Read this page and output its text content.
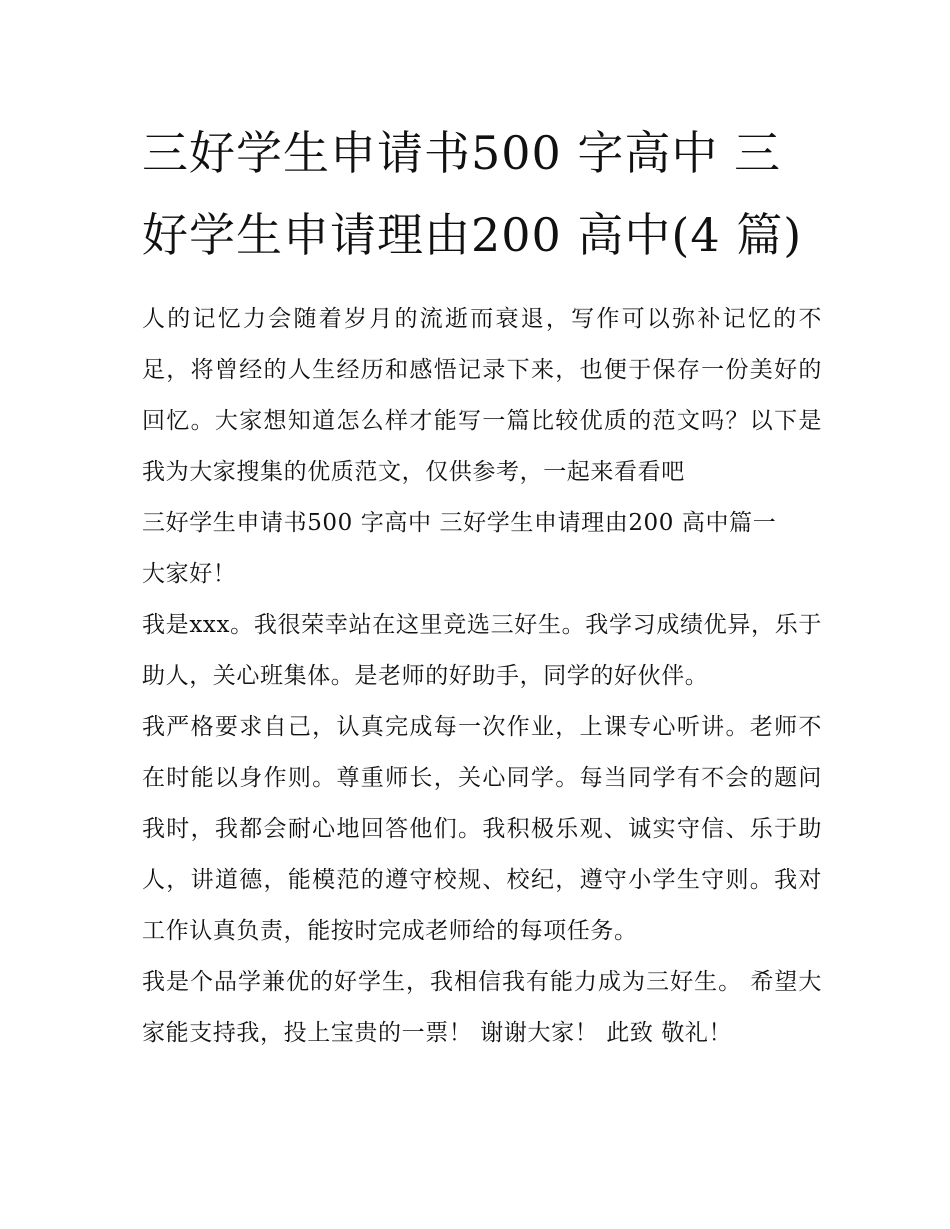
三好学生申请书500 字高中 三好学生申请理由200 高中(4 篇)

人的记忆力会随着岁月的流逝而衰退，写作可以弥补记忆的不足，将曾经的人生经历和感悟记录下来，也便于保存一份美好的回忆。大家想知道怎么样才能写一篇比较优质的范文吗？以下是我为大家搜集的优质范文，仅供参考，一起来看看吧

三好学生申请书500 字高中 三好学生申请理由200 高中篇一

大家好！

我是xxx。我很荣幸站在这里竞选三好生。我学习成绩优异，乐于助人，关心班集体。是老师的好助手，同学的好伙伴。

我严格要求自己，认真完成每一次作业，上课专心听讲。老师不在时能以身作则。尊重师长，关心同学。每当同学有不会的题问我时，我都会耐心地回答他们。我积极乐观、诚实守信、乐于助人，讲道德，能模范的遵守校规、校纪，遵守小学生守则。我对工作认真负责，能按时完成老师给的每项任务。

我是个品学兼优的好学生，我相信我有能力成为三好生。 希望大家能支持我，投上宝贵的一票！ 谢谢大家！ 此致 敬礼！
